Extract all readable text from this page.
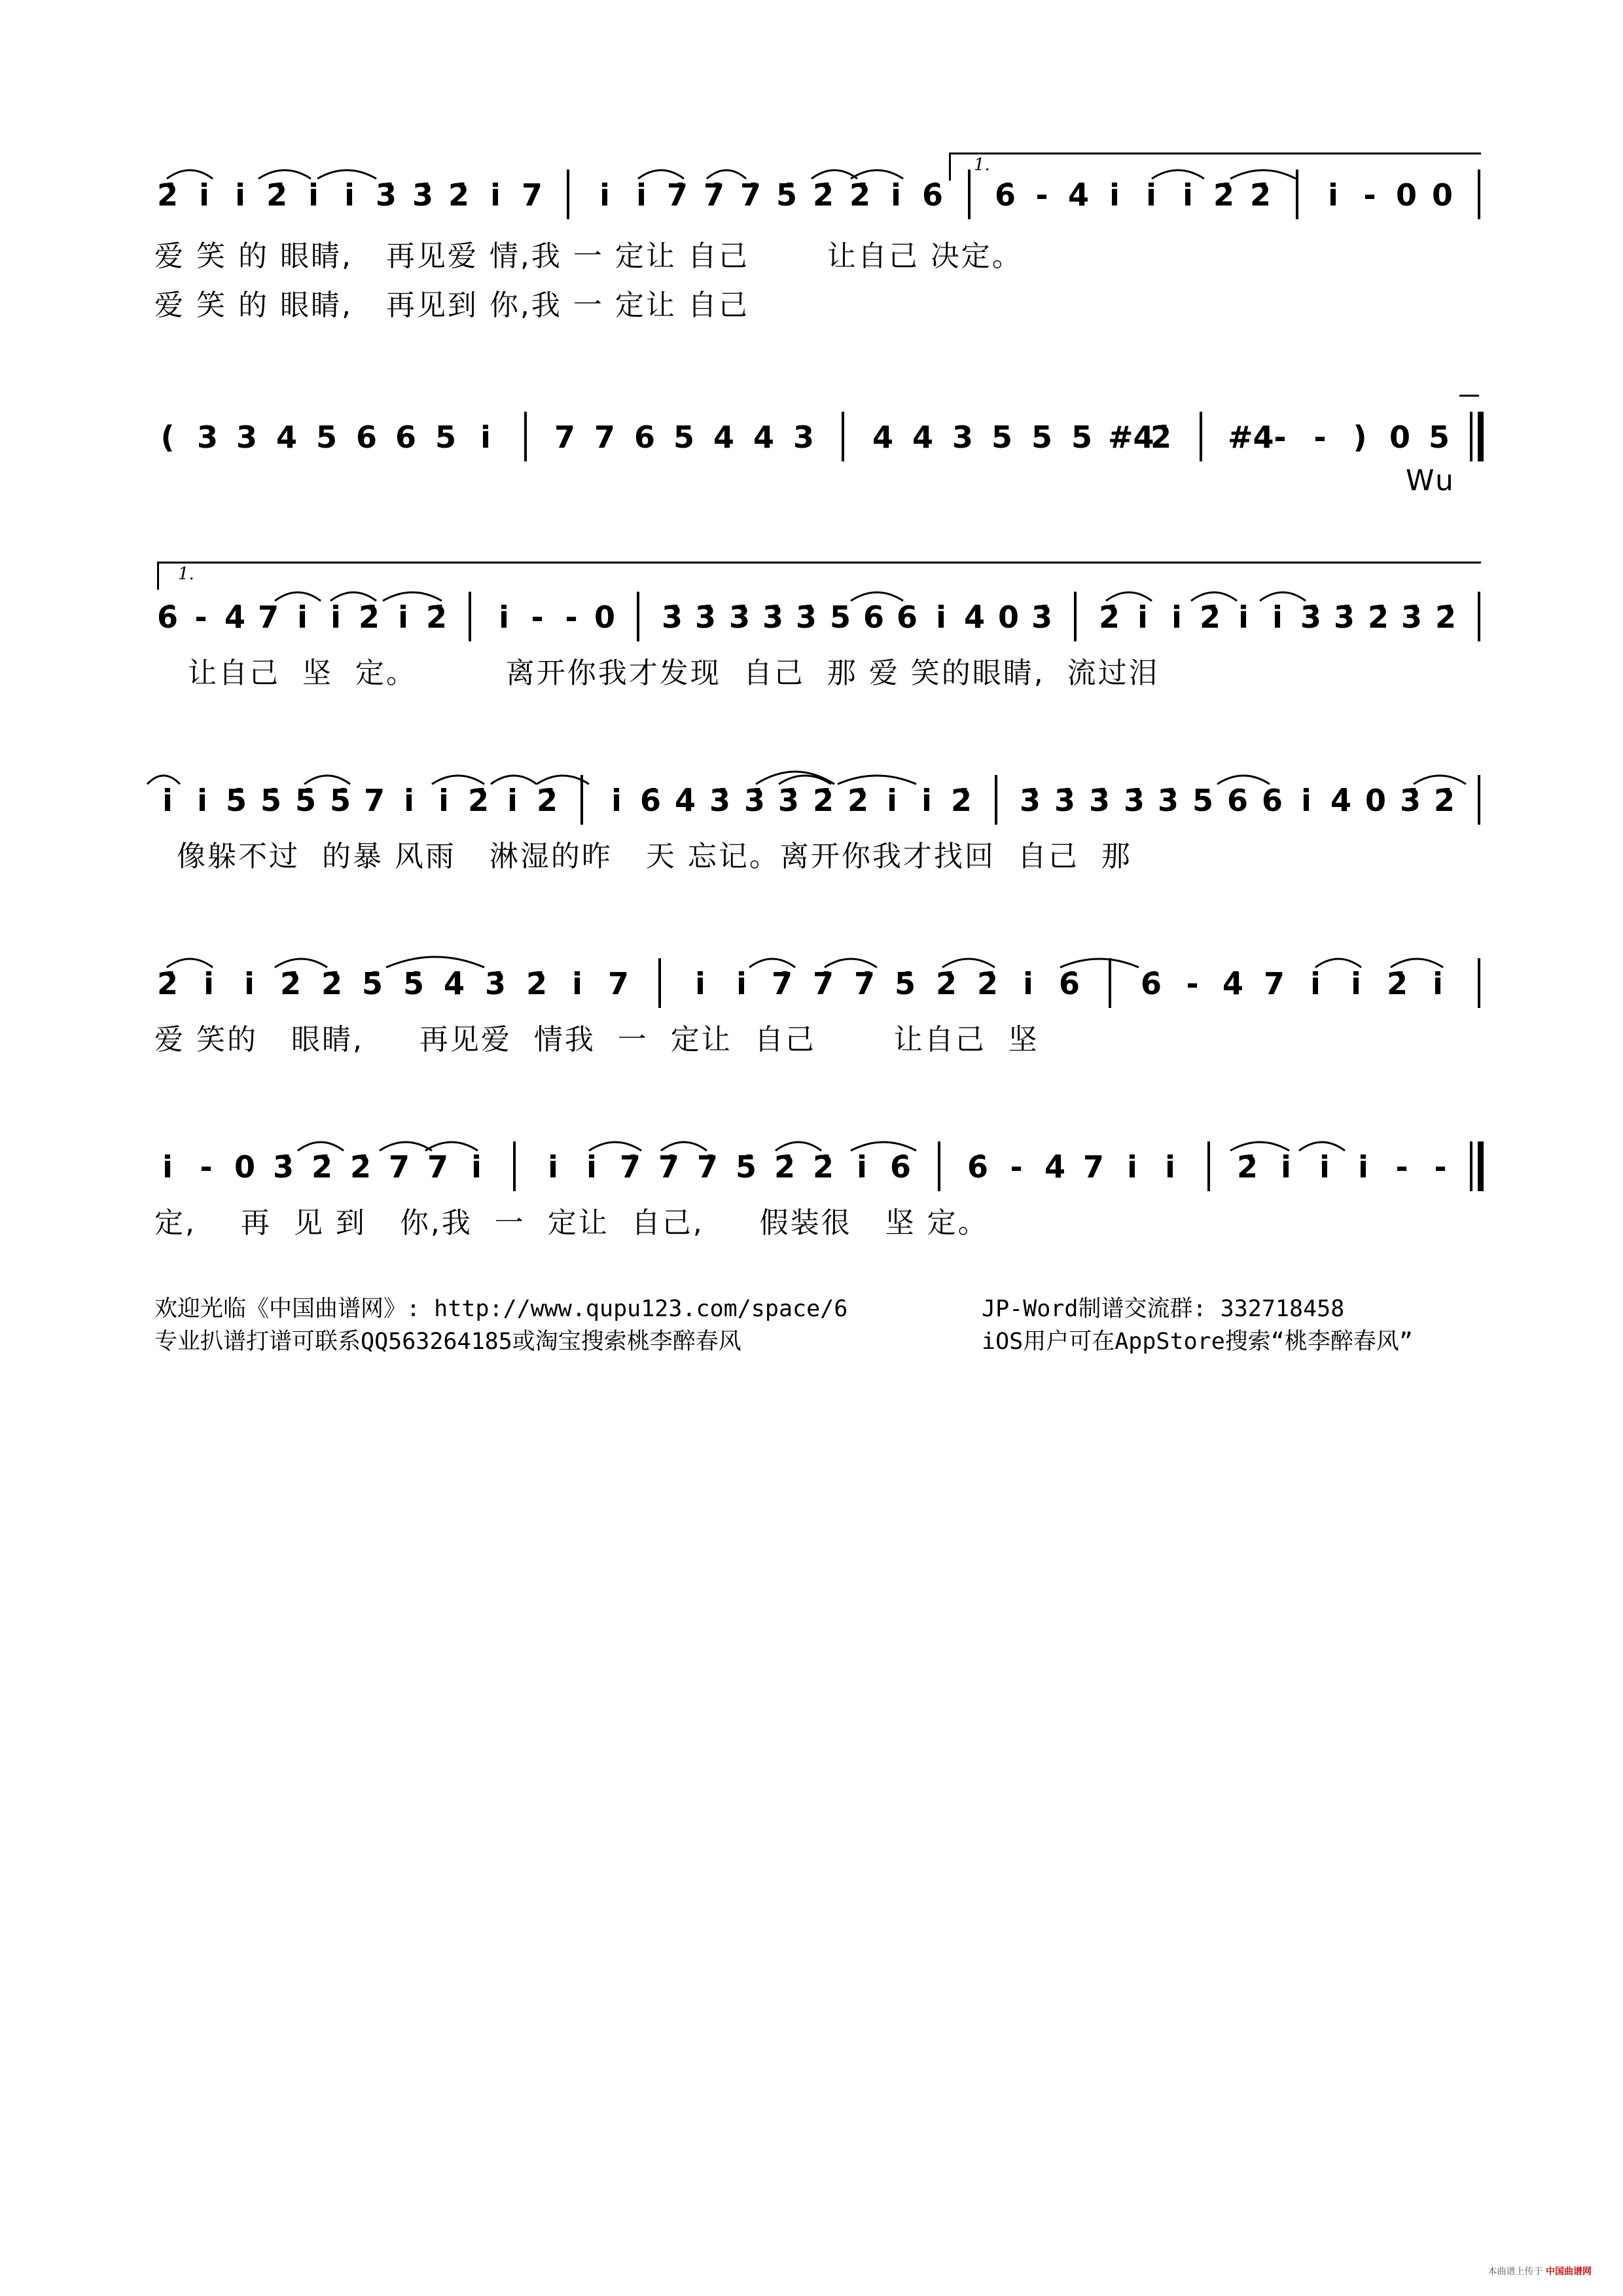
1.
2̇ i̇ i̇ 2̇ i̇ i̇ 3̇ 3̇ 2̇ i̇ 7 i̇ i̇ 7̇ 7̇ 7̇ 5̇ 2̇ 2̇ i̇ 6̇ 6̇ - 4̇ i̇ i̇ i̇ 2̇ 2̇ i̇ - 0 0
爱 笑 的 眼睛,   再见爱 情,我 一 定让 自己       让自己 决定。
爱 笑 的 眼睛,   再见到 你,我 一 定让 自己
( 3 3 4 5 6 6 5 i̇ 7 7 6 5 4 4 3 4 4 3 5 5 5 #4
2̇ #4 - - ) 0 5
Wu
1.
6̇ - 4̇ 7 i̇ i̇ 2̇ i̇ 2̇ i̇ - - 0 3̇ 3̇ 3̇ 3̇ 3̇ 5 6 6 i̇ 4̇ 0 3̇ 2̇ i̇ i̇ 2̇ i̇ i̇ 3̇ 3̇ 2̇ 3̇ 2̇
让自己  坚  定。        离开你我才发现  自己  那 爱 笑的眼睛,  流过泪
i̇ i̇ 5̇ 5̇ 5̇ 5̇ 7 i̇ i̇ 2̇ i̇ 2̇ i̇ 6̇ 4̇ 3̇ 3̇ 3̇ 2̇ 2̇ i̇ i̇ 2̇ 3̇ 3̇ 3̇ 3̇ 3̇ 5 6 6 i̇ 4̇ 0 3̇ 2̇
像躲不过  的暴 风雨   淋湿的昨   天 忘记。离开你我才找回  自己  那
2̇ i̇ i̇ 2̇ 2̇ 5̇ 5̇ 4̇ 3̇ 2̇ i̇ 7 i̇ i̇ 7̇ 7̇ 7̇ 5̇ 2̇ 2̇ i̇ 6̇ 6̇ - 4̇ 7 i̇ i̇ 2̇ i̇
爱 笑的   眼睛,     再见爱  情我  一  定让  自己       让自己  坚
i̇ - 0 3̇ 2̇ 2̇ 7 7 i̇ i̇ i̇ 7̇ 7̇ 7̇ 5̇ 2̇ 2̇ i̇ 6̇ 6̇ - 4̇ 7 i̇ i̇ 2̇ i̇ i̇ i̇ - -
定,    再  见 到   你,我  一  定让  自己,     假装很   坚 定。
欢迎光临《中国曲谱网》: http://www.qupu123.com/space/6	JP-Word制谱交流群: 332718458
专业扒谱打谱可联系QQ563264185或淘宝搜索桃李醉春风	iOS用户可在AppStore搜索“桃李醉春风”
本曲谱上传于 中国曲谱网
